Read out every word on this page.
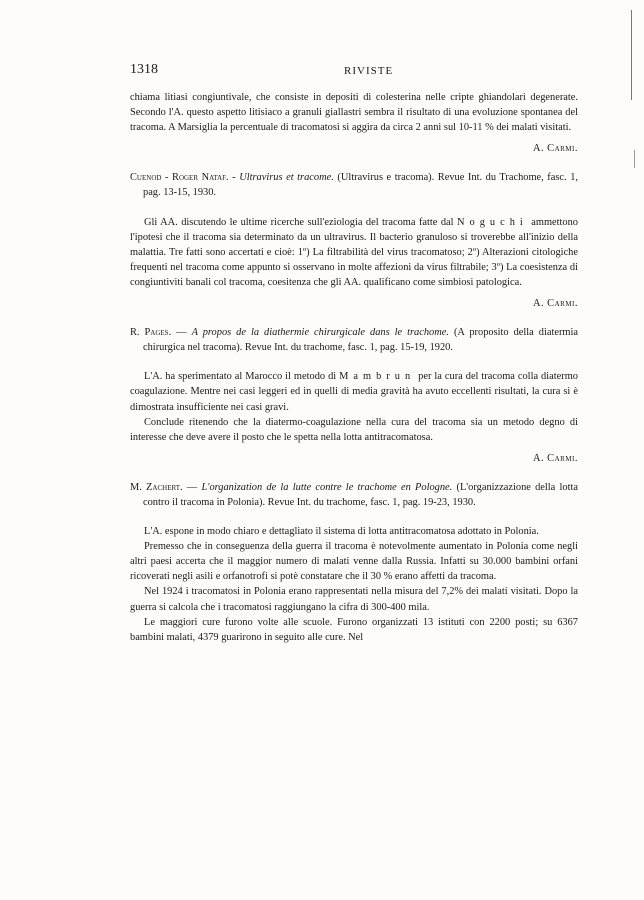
1318	RIVISTE

chiama litiasi congiuntivale, che consiste in depositi di colesterina nelle cripte ghiandolari degenerate. Secondo l'A. questo aspetto litisiaco a granuli giallastri sembra il risultato di una evoluzione spontanea del tracoma. A Marsiglia la percentuale di tracomatosi si aggira da circa 2 anni sul 10-11 % dei malati visitati.

A. Carmi.

Cuenod - Roger Nataf. - Ultravirus et tracome. (Ultravirus e tracoma). Revue Int. du Trachome, fasc. 1, pag. 13-15, 1930.

Gli AA. discutendo le ultime ricerche sull'eziologia del tracoma fatte dal Noguchi ammettono l'ipotesi che il tracoma sia determinato da un ultravirus. Il bacterio granuloso si troverebbe all'inizio della malattia. Tre fatti sono accertati e cioè: 1º) La filtrabilità del virus tracomatoso; 2º) Alterazioni citologiche frequenti nel tracoma come appunto si osservano in molte affezioni da virus filtrabile; 3º) La coesistenza di congiuntiviti banali col tracoma, coesitenza che gli AA. qualificano come simbiosi patologica.

A. Carmi.

R. Pages. — A propos de la diathermie chirurgicale dans le trachome. (A proposito della diatermia chirurgica nel tracoma). Revue Int. du trachome, fasc. 1, pag. 15-19, 1920.

L'A. ha sperimentato al Marocco il metodo di Mambrun per la cura del tracoma colla diatermo coagulazione. Mentre nei casi leggeri ed in quelli di media gravità ha avuto eccellenti risultati, la cura si è dimostrata insufficiente nei casi gravi.

Conclude ritenendo che la diatermo-coagulazione nella cura del tracoma sia un metodo degno di interesse che deve avere il posto che le spetta nella lotta antitracomatosa.

A. Carmi.

M. Zachert. — L'organization de la lutte contre le trachome en Pologne. (L'organizzazione della lotta contro il tracoma in Polonia). Revue Int. du trachome, fasc. 1, pag. 19-23, 1930.

L'A. espone in modo chiaro e dettagliato il sistema di lotta antitracomatosa adottato in Polonia.

Premesso che in conseguenza della guerra il tracoma è notevolmente aumentato in Polonia come negli altri paesi accerta che il maggior numero di malati venne dalla Russia. Infatti su 30.000 bambini orfani ricoverati negli asili e orfanotrofi si potè constatare che il 30 % erano affetti da tracoma.

Nel 1924 i tracomatosi in Polonia erano rappresentati nella misura del 7,2% dei malati visitati. Dopo la guerra si calcola che i tracomatosi raggiungano la cifra di 300-400 mila.

Le maggiori cure furono volte alle scuole. Furono organizzati 13 istituti con 2200 posti; su 6367 bambini malati, 4379 guarirono in seguito alle cure. Nel
